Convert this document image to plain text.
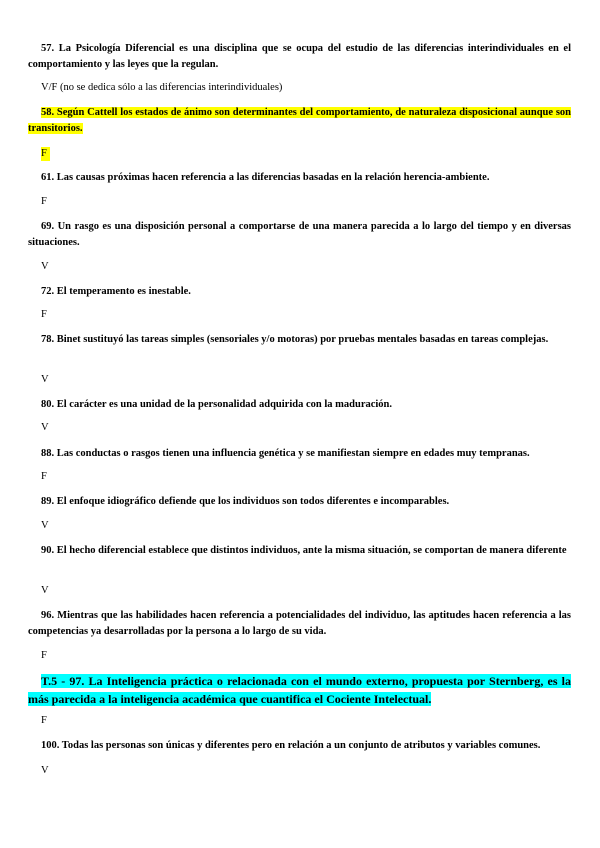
57. La Psicología Diferencial es una disciplina que se ocupa del estudio de las diferencias interindividuales en el comportamiento y las leyes que la regulan.

V/F (no se dedica sólo a las diferencias interindividuales)

58. Según Cattell los estados de ánimo son determinantes del comportamiento, de naturaleza disposicional aunque son transitorios.

F

61. Las causas próximas hacen referencia a las diferencias basadas en la relación herencia-ambiente.

F

69. Un rasgo es una disposición personal a comportarse de una manera parecida a lo largo del tiempo y en diversas situaciones.

V

72. El temperamento es inestable.

F

78. Binet sustituyó las tareas simples (sensoriales y/o motoras) por pruebas mentales basadas en tareas complejas.

V

80. El carácter es una unidad de la personalidad adquirida con la maduración.

V

88. Las conductas o rasgos tienen una influencia genética y se manifiestan siempre en edades muy tempranas.

F

89. El enfoque idiográfico defiende que los individuos son todos diferentes e incomparables.

V

90. El hecho diferencial establece que distintos individuos, ante la misma situación, se comportan de manera diferente

V

96. Mientras que las habilidades hacen referencia a potencialidades del individuo, las aptitudes hacen referencia a las competencias ya desarrolladas por la persona a lo largo de su vida.

F

T.5 - 97. La Inteligencia práctica o relacionada con el mundo externo, propuesta por Sternberg, es la más parecida a la inteligencia académica que cuantifica el Cociente Intelectual.

F

100. Todas las personas son únicas y diferentes pero en relación a un conjunto de atributos y variables comunes.

V
